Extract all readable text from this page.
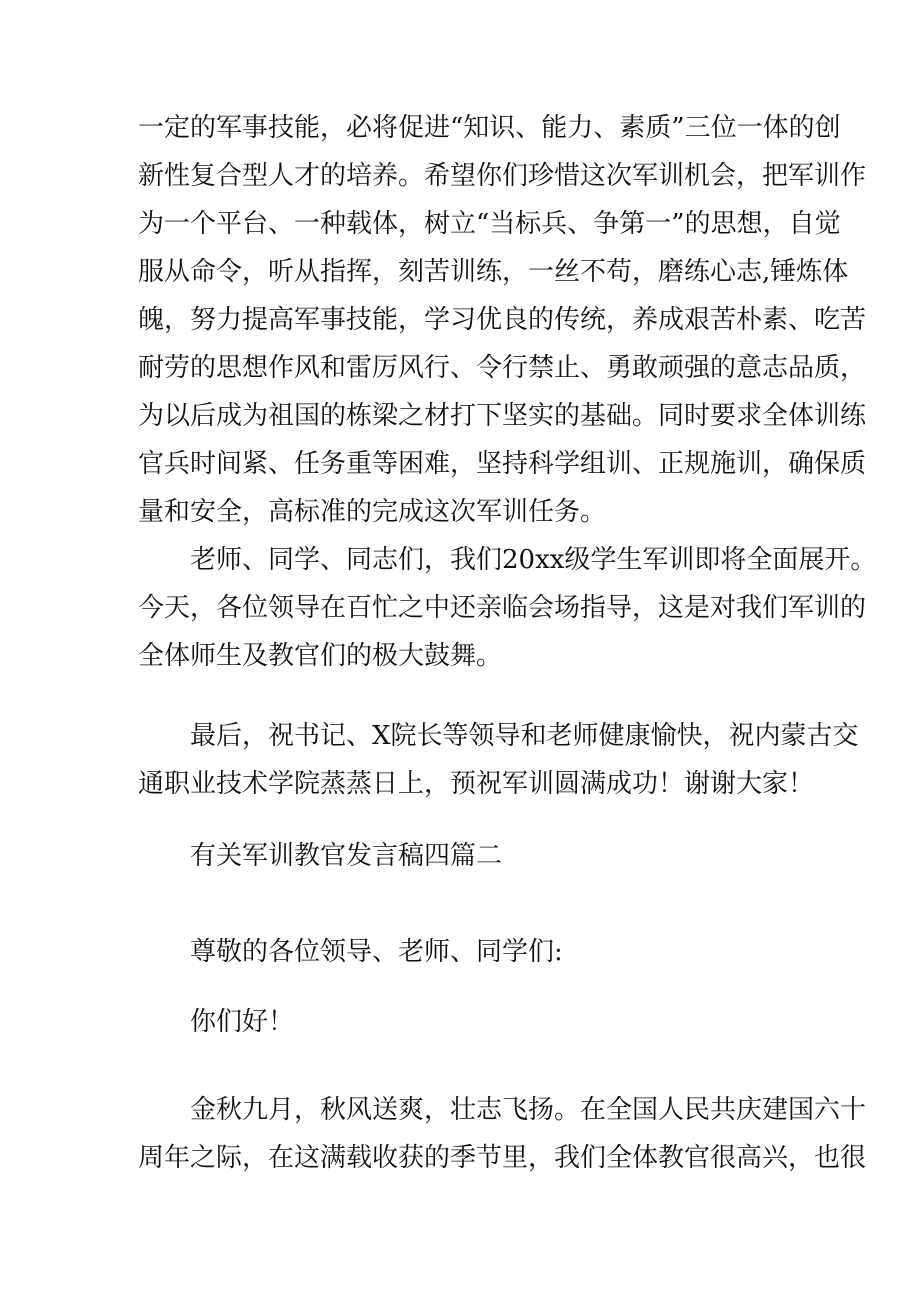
一定的军事技能，必将促进“知识、能力、素质”三位一体的创
新性复合型人才的培养。希望你们珍惜这次军训机会，把军训作
为一个平台、一种载体，树立“当标兵、争第一”的思想，自觉
服从命令，听从指挥，刻苦训练，一丝不苟，磨练心志,锤炼体
魄，努力提高军事技能，学习优良的传统，养成艰苦朴素、吃苦
耐劳的思想作风和雷厉风行、令行禁止、勇敢顽强的意志品质，
为以后成为祖国的栋梁之材打下坚实的基础。同时要求全体训练
官兵时间紧、任务重等困难，坚持科学组训、正规施训，确保质
量和安全，高标准的完成这次军训任务。
老师、同学、同志们，我们20xx级学生军训即将全面展开。
今天，各位领导在百忙之中还亲临会场指导，这是对我们军训的
全体师生及教官们的极大鼓舞。
最后，祝书记、X院长等领导和老师健康愉快，祝内蒙古交
通职业技术学院蒸蒸日上，预祝军训圆满成功！谢谢大家！
有关军训教官发言稿四篇二
尊敬的各位领导、老师、同学们:
你们好！
金秋九月，秋风送爽，壮志飞扬。在全国人民共庆建国六十
周年之际，在这满载收获的季节里，我们全体教官很高兴，也很
